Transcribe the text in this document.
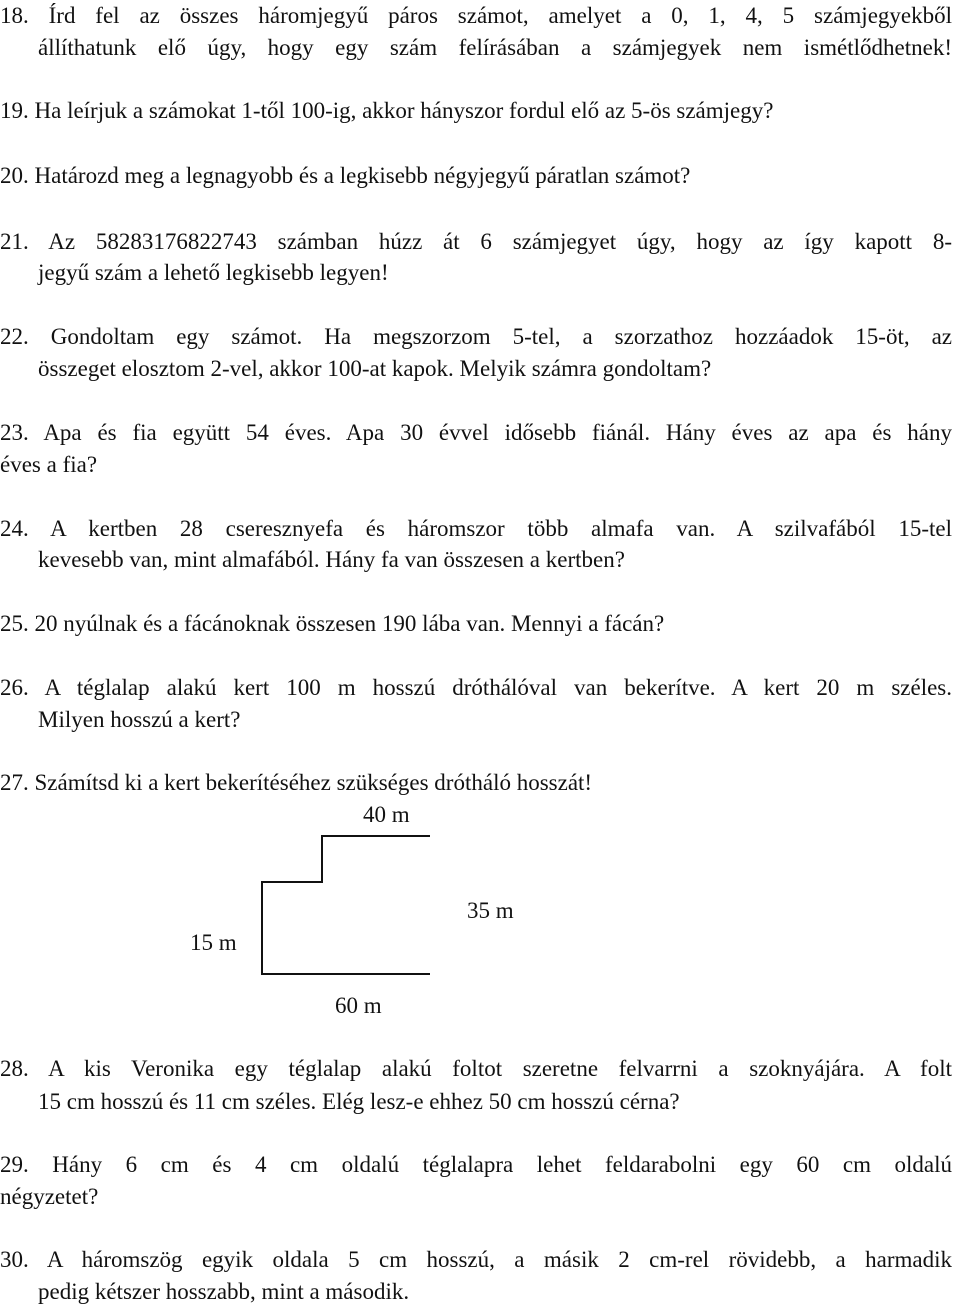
18. Írd fel az összes háromjegyű páros számot, amelyet a 0, 1, 4, 5 számjegyekből
állíthatunk elő úgy, hogy egy szám felírásában a számjegyek nem ismétlődhetnek!
19. Ha leírjuk a számokat 1-től 100-ig, akkor hányszor fordul elő az 5-ös számjegy?
20. Határozd meg a legnagyobb és a legkisebb négyjegyű páratlan számot?
21. Az 58283176822743 számban húzz át 6 számjegyet úgy, hogy az így kapott 8-
jegyű szám a lehető legkisebb legyen!
22. Gondoltam egy számot. Ha megszorzom 5-tel, a szorzathoz hozzáadok 15-öt, az
összeget elosztom 2-vel, akkor 100-at kapok. Melyik számra gondoltam?
23. Apa és fia együtt 54 éves. Apa 30 évvel idősebb fiánál. Hány éves az apa és hány
éves a fia?
24. A kertben 28 cseresznyefa és háromszor több almafa van. A szilvafából 15-tel
kevesebb van, mint almafából. Hány fa van összesen a kertben?
25. 20 nyúlnak és a fácánoknak összesen 190 lába van. Mennyi a fácán?
26. A téglalap alakú kert 100 m hosszú dróthálóval van bekerítve. A kert 20 m széles.
Milyen hosszú a kert?
27. Számítsd ki a kert bekerítéséhez szükséges drótháló hosszát!
40 m
15 m
35 m
60 m
28. A kis Veronika egy téglalap alakú foltot szeretne felvarrni a szoknyájára. A folt
15 cm hosszú és 11 cm széles. Elég lesz-e ehhez 50 cm hosszú cérna?
29. Hány 6 cm és 4 cm oldalú téglalapra lehet feldarabolni egy 60 cm oldalú
négyzetet?
30. A háromszög egyik oldala 5 cm hosszú, a másik 2 cm-rel rövidebb, a harmadik
pedig kétszer hosszabb, mint a második.
